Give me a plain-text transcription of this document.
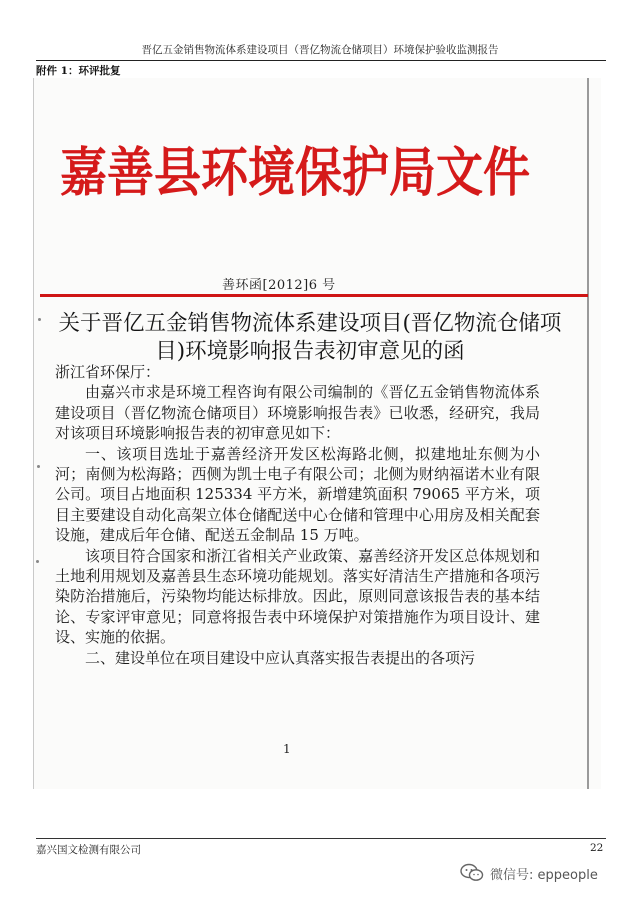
晋亿五金销售物流体系建设项目（晋亿物流仓储项目）环境保护验收监测报告
附件 1：环评批复
嘉善县环境保护局文件
善环函[2012]6 号
关于晋亿五金销售物流体系建设项目(晋亿物流仓储项目)环境影响报告表初审意见的函

浙江省环保厅：

由嘉兴市求是环境工程咨询有限公司编制的《晋亿五金销售物流体系建设项目（晋亿物流仓储项目）环境影响报告表》已收悉，经研究，我局对该项目环境影响报告表的初审意见如下：

一、该项目选址于嘉善经济开发区松海路北侧，拟建地址东侧为小河；南侧为松海路；西侧为凯士电子有限公司；北侧为财纳福诺木业有限公司。项目占地面积 125334 平方米，新增建筑面积 79065 平方米，项目主要建设自动化高架立体仓储配送中心仓储和管理中心用房及相关配套设施，建成后年仓储、配送五金制品 15 万吨。

该项目符合国家和浙江省相关产业政策、嘉善经济开发区总体规划和土地利用规划及嘉善县生态环境功能规划。落实好清洁生产措施和各项污染防治措施后，污染物均能达标排放。因此，原则同意该报告表的基本结论、专家评审意见；同意将报告表中环境保护对策措施作为项目设计、建设、实施的依据。

二、建设单位在项目建设中应认真落实报告表提出的各项污

1
嘉兴国文检测有限公司	22
微信号: eppeople
